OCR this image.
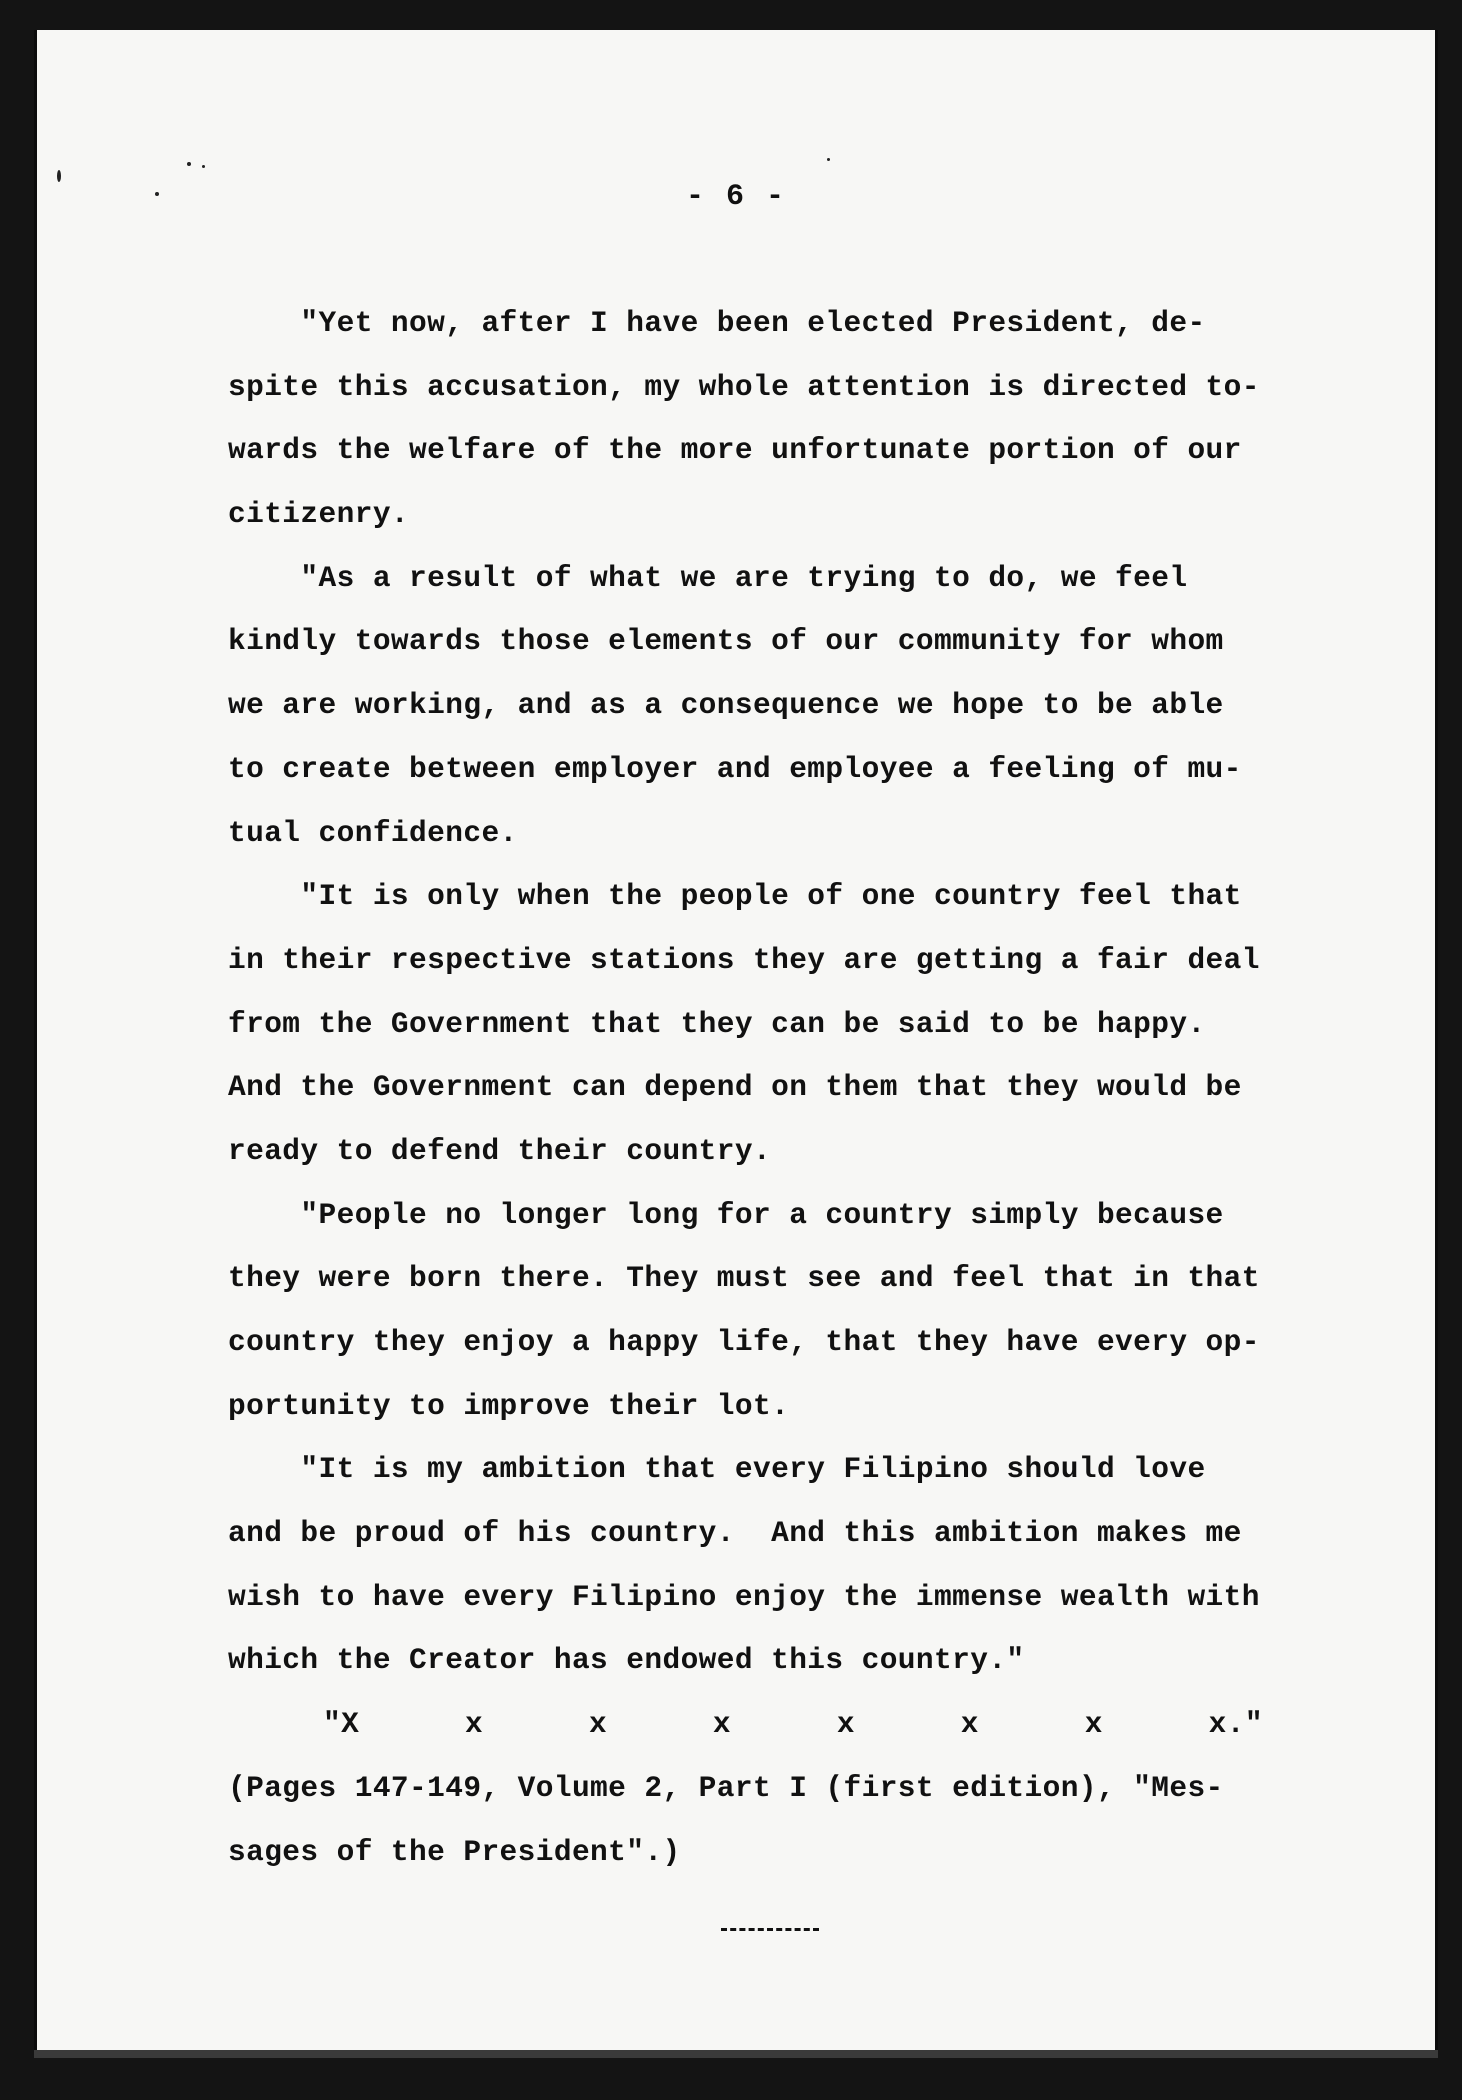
- 6 -
"Yet now, after I have been elected President, de-
spite this accusation, my whole attention is directed to-
wards the welfare of the more unfortunate portion of our
citizenry.
"As a result of what we are trying to do, we feel
kindly towards those elements of our community for whom
we are working, and as a consequence we hope to be able
to create between employer and employee a feeling of mu-
tual confidence.
"It is only when the people of one country feel that
in their respective stations they are getting a fair deal
from the Government that they can be said to be happy.
And the Government can depend on them that they would be
ready to defend their country.
"People no longer long for a country simply because
they were born there. They must see and feel that in that
country they enjoy a happy life, that they have every op-
portunity to improve their lot.
"It is my ambition that every Filipino should love
and be proud of his country.  And this ambition makes me
wish to have every Filipino enjoy the immense wealth with
which the Creator has endowed this country."
"X	x	x	x	x	x	x	x."
(Pages 147-149, Volume 2, Part I (first edition), "Mes-
sages of the President".)
